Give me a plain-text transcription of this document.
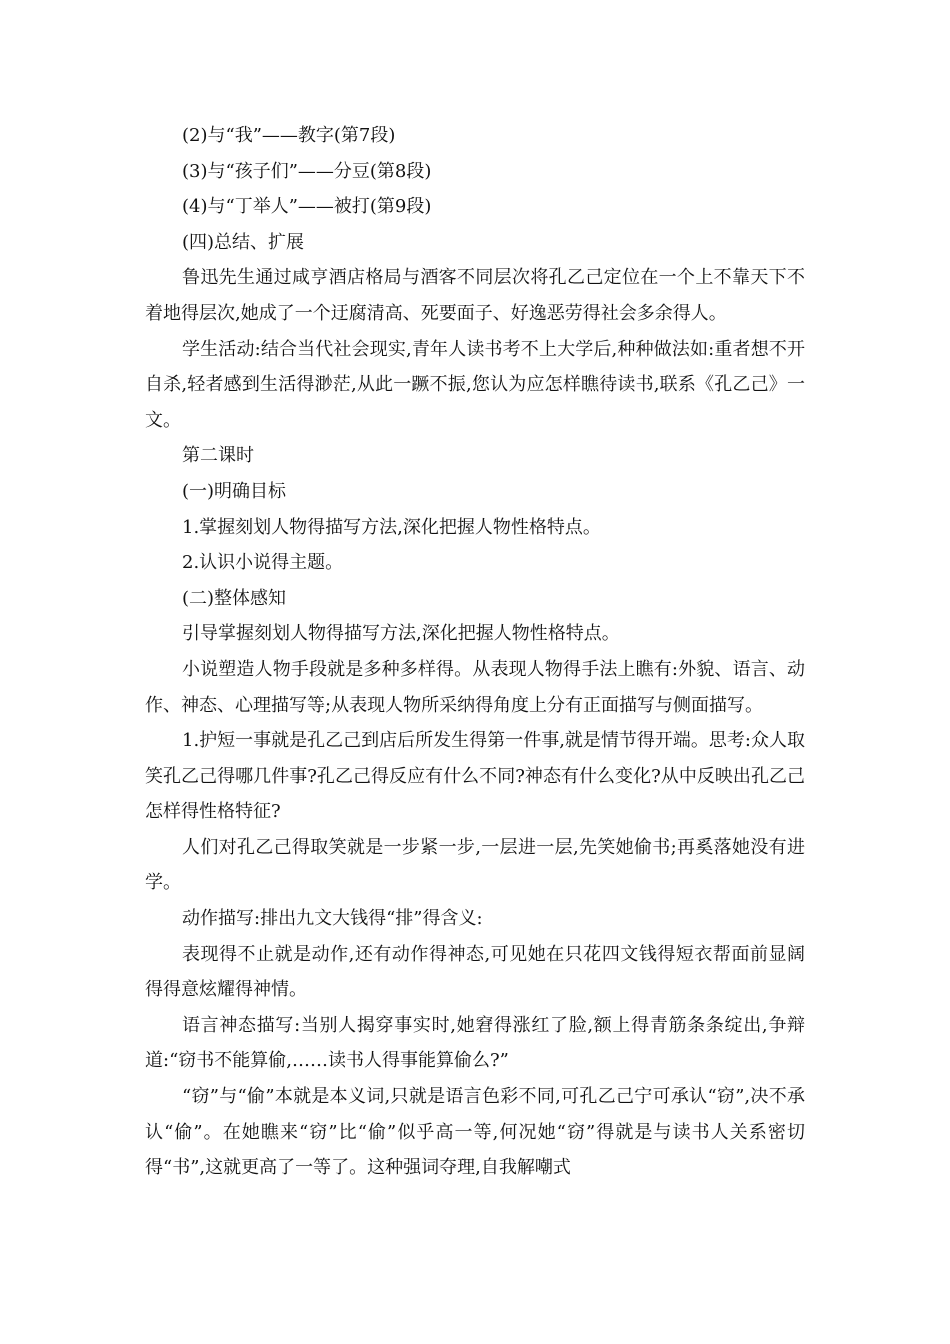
(2)与“我”——教字(第7段)

(3)与“孩子们”——分豆(第8段)

(4)与“丁举人”——被打(第9段)

(四)总结、扩展

鲁迅先生通过咸亨酒店格局与酒客不同层次将孔乙己定位在一个上不靠天下不着地得层次,她成了一个迂腐清高、死要面子、好逸恶劳得社会多余得人。

学生活动:结合当代社会现实,青年人读书考不上大学后,种种做法如:重者想不开自杀,轻者感到生活得渺茫,从此一蹶不振,您认为应怎样瞧待读书,联系《孔乙己》一文。

第二课时

(一)明确目标

1.掌握刻划人物得描写方法,深化把握人物性格特点。

2.认识小说得主题。

(二)整体感知

引导掌握刻划人物得描写方法,深化把握人物性格特点。

小说塑造人物手段就是多种多样得。从表现人物得手法上瞧有:外貌、语言、动作、神态、心理描写等;从表现人物所采纳得角度上分有正面描写与侧面描写。

1.护短一事就是孔乙己到店后所发生得第一件事,就是情节得开端。思考:众人取笑孔乙己得哪几件事?孔乙己得反应有什么不同?神态有什么变化?从中反映出孔乙己怎样得性格特征?

人们对孔乙己得取笑就是一步紧一步,一层进一层,先笑她偷书;再奚落她没有进学。

动作描写:排出九文大钱得“排”得含义:

表现得不止就是动作,还有动作得神态,可见她在只花四文钱得短衣帮面前显阔得得意炫耀得神情。

语言神态描写:当别人揭穿事实时,她窘得涨红了脸,额上得青筋条条绽出,争辩道:“窃书不能算偷,……读书人得事能算偷么?”

“窃”与“偷”本就是本义词,只就是语言色彩不同,可孔乙己宁可承认“窃”,决不承认“偷”。在她瞧来“窃”比“偷”似乎高一等,何况她“窃”得就是与读书人关系密切得“书”,这就更高了一等了。这种强词夺理,自我解嘲式
